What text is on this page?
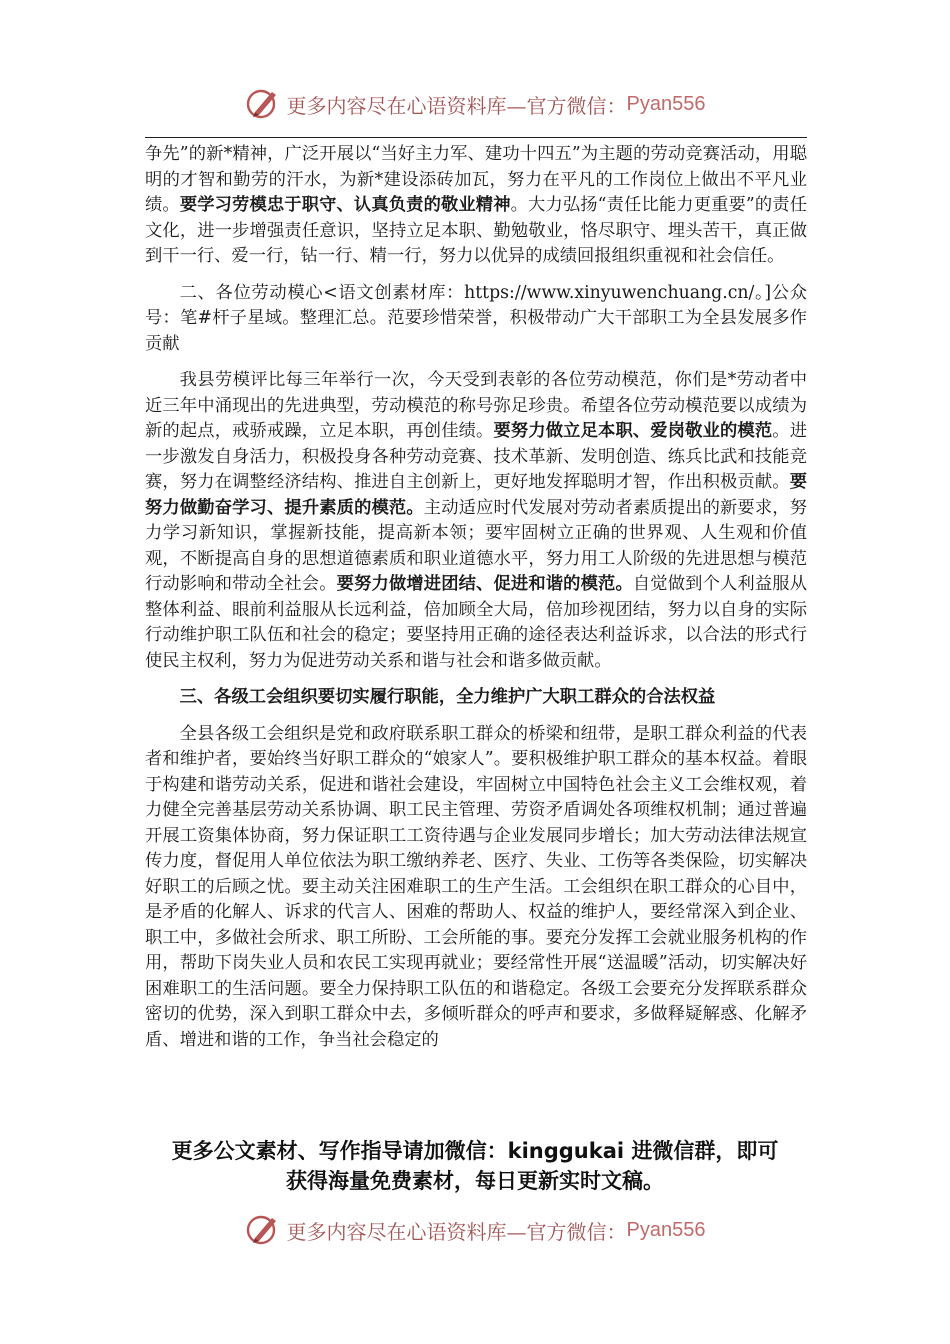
更多内容尽在心语资料库—官方微信： Pyan556

争先”的新*精神，广泛开展以“当好主力军、建功十四五”为主题的劳动竞赛活动，用聪明的才智和勤劳的汗水，为新*建设添砖加瓦，努力在平凡的工作岗位上做出不平凡业绩。要学习劳模忠于职守、认真负责的敬业精神。大力弘扬“责任比能力更重要”的责任文化，进一步增强责任意识，坚持立足本职、勤勉敬业，恪尽职守、埋头苦干，真正做到干一行、爱一行，钻一行、精一行，努力以优异的成绩回报组织重视和社会信任。

二、各位劳动模心<语文创素材库：https://www.xinyuwenchuang.cn/。]公众号：笔#杆子星域。整理汇总。范要珍惜荣誉，积极带动广大干部职工为全县发展多作贡献

我县劳模评比每三年举行一次，今天受到表彰的各位劳动模范，你们是*劳动者中近三年中涌现出的先进典型，劳动模范的称号弥足珍贵。希望各位劳动模范要以成绩为新的起点，戒骄戒躁，立足本职，再创佳绩。要努力做立足本职、爱岗敬业的模范。进一步激发自身活力，积极投身各种劳动竞赛、技术革新、发明创造、练兵比武和技能竞赛，努力在调整经济结构、推进自主创新上，更好地发挥聪明才智，作出积极贡献。要努力做勤奋学习、提升素质的模范。主动适应时代发展对劳动者素质提出的新要求，努力学习新知识，掌握新技能，提高新本领；要牢固树立正确的世界观、人生观和价值观，不断提高自身的思想道德素质和职业道德水平，努力用工人阶级的先进思想与模范行动影响和带动全社会。要努力做增进团结、促进和谐的模范。自觉做到个人利益服从整体利益、眼前利益服从长远利益，倍加顾全大局，倍加珍视团结，努力以自身的实际行动维护职工队伍和社会的稳定；要坚持用正确的途径表达利益诉求，以合法的形式行使民主权利，努力为促进劳动关系和谐与社会和谐多做贡献。

三、各级工会组织要切实履行职能，全力维护广大职工群众的合法权益

全县各级工会组织是党和政府联系职工群众的桥梁和纽带，是职工群众利益的代表者和维护者，要始终当好职工群众的“娘家人”。要积极维护职工群众的基本权益。着眼于构建和谐劳动关系，促进和谐社会建设，牢固树立中国特色社会主义工会维权观，着力健全完善基层劳动关系协调、职工民主管理、劳资矛盾调处各项维权机制；通过普遍开展工资集体协商，努力保证职工工资待遇与企业发展同步增长；加大劳动法律法规宣传力度，督促用人单位依法为职工缴纳养老、医疗、失业、工伤等各类保险，切实解决好职工的后顾之忧。要主动关注困难职工的生产生活。工会组织在职工群众的心目中，是矛盾的化解人、诉求的代言人、困难的帮助人、权益的维护人，要经常深入到企业、职工中，多做社会所求、职工所盼、工会所能的事。要充分发挥工会就业服务机构的作用，帮助下岗失业人员和农民工实现再就业；要经常性开展“送温暖”活动，切实解决好困难职工的生活问题。要全力保持职工队伍的和谐稳定。各级工会要充分发挥联系群众密切的优势，深入到职工群众中去，多倾听群众的呼声和要求，多做释疑解惑、化解矛盾、增进和谐的工作，争当社会稳定的

更多公文素材、写作指导请加微信：kinggukai 进微信群，即可
获得海量免费素材，每日更新实时文稿。
更多内容尽在心语资料库—官方微信： Pyan556
